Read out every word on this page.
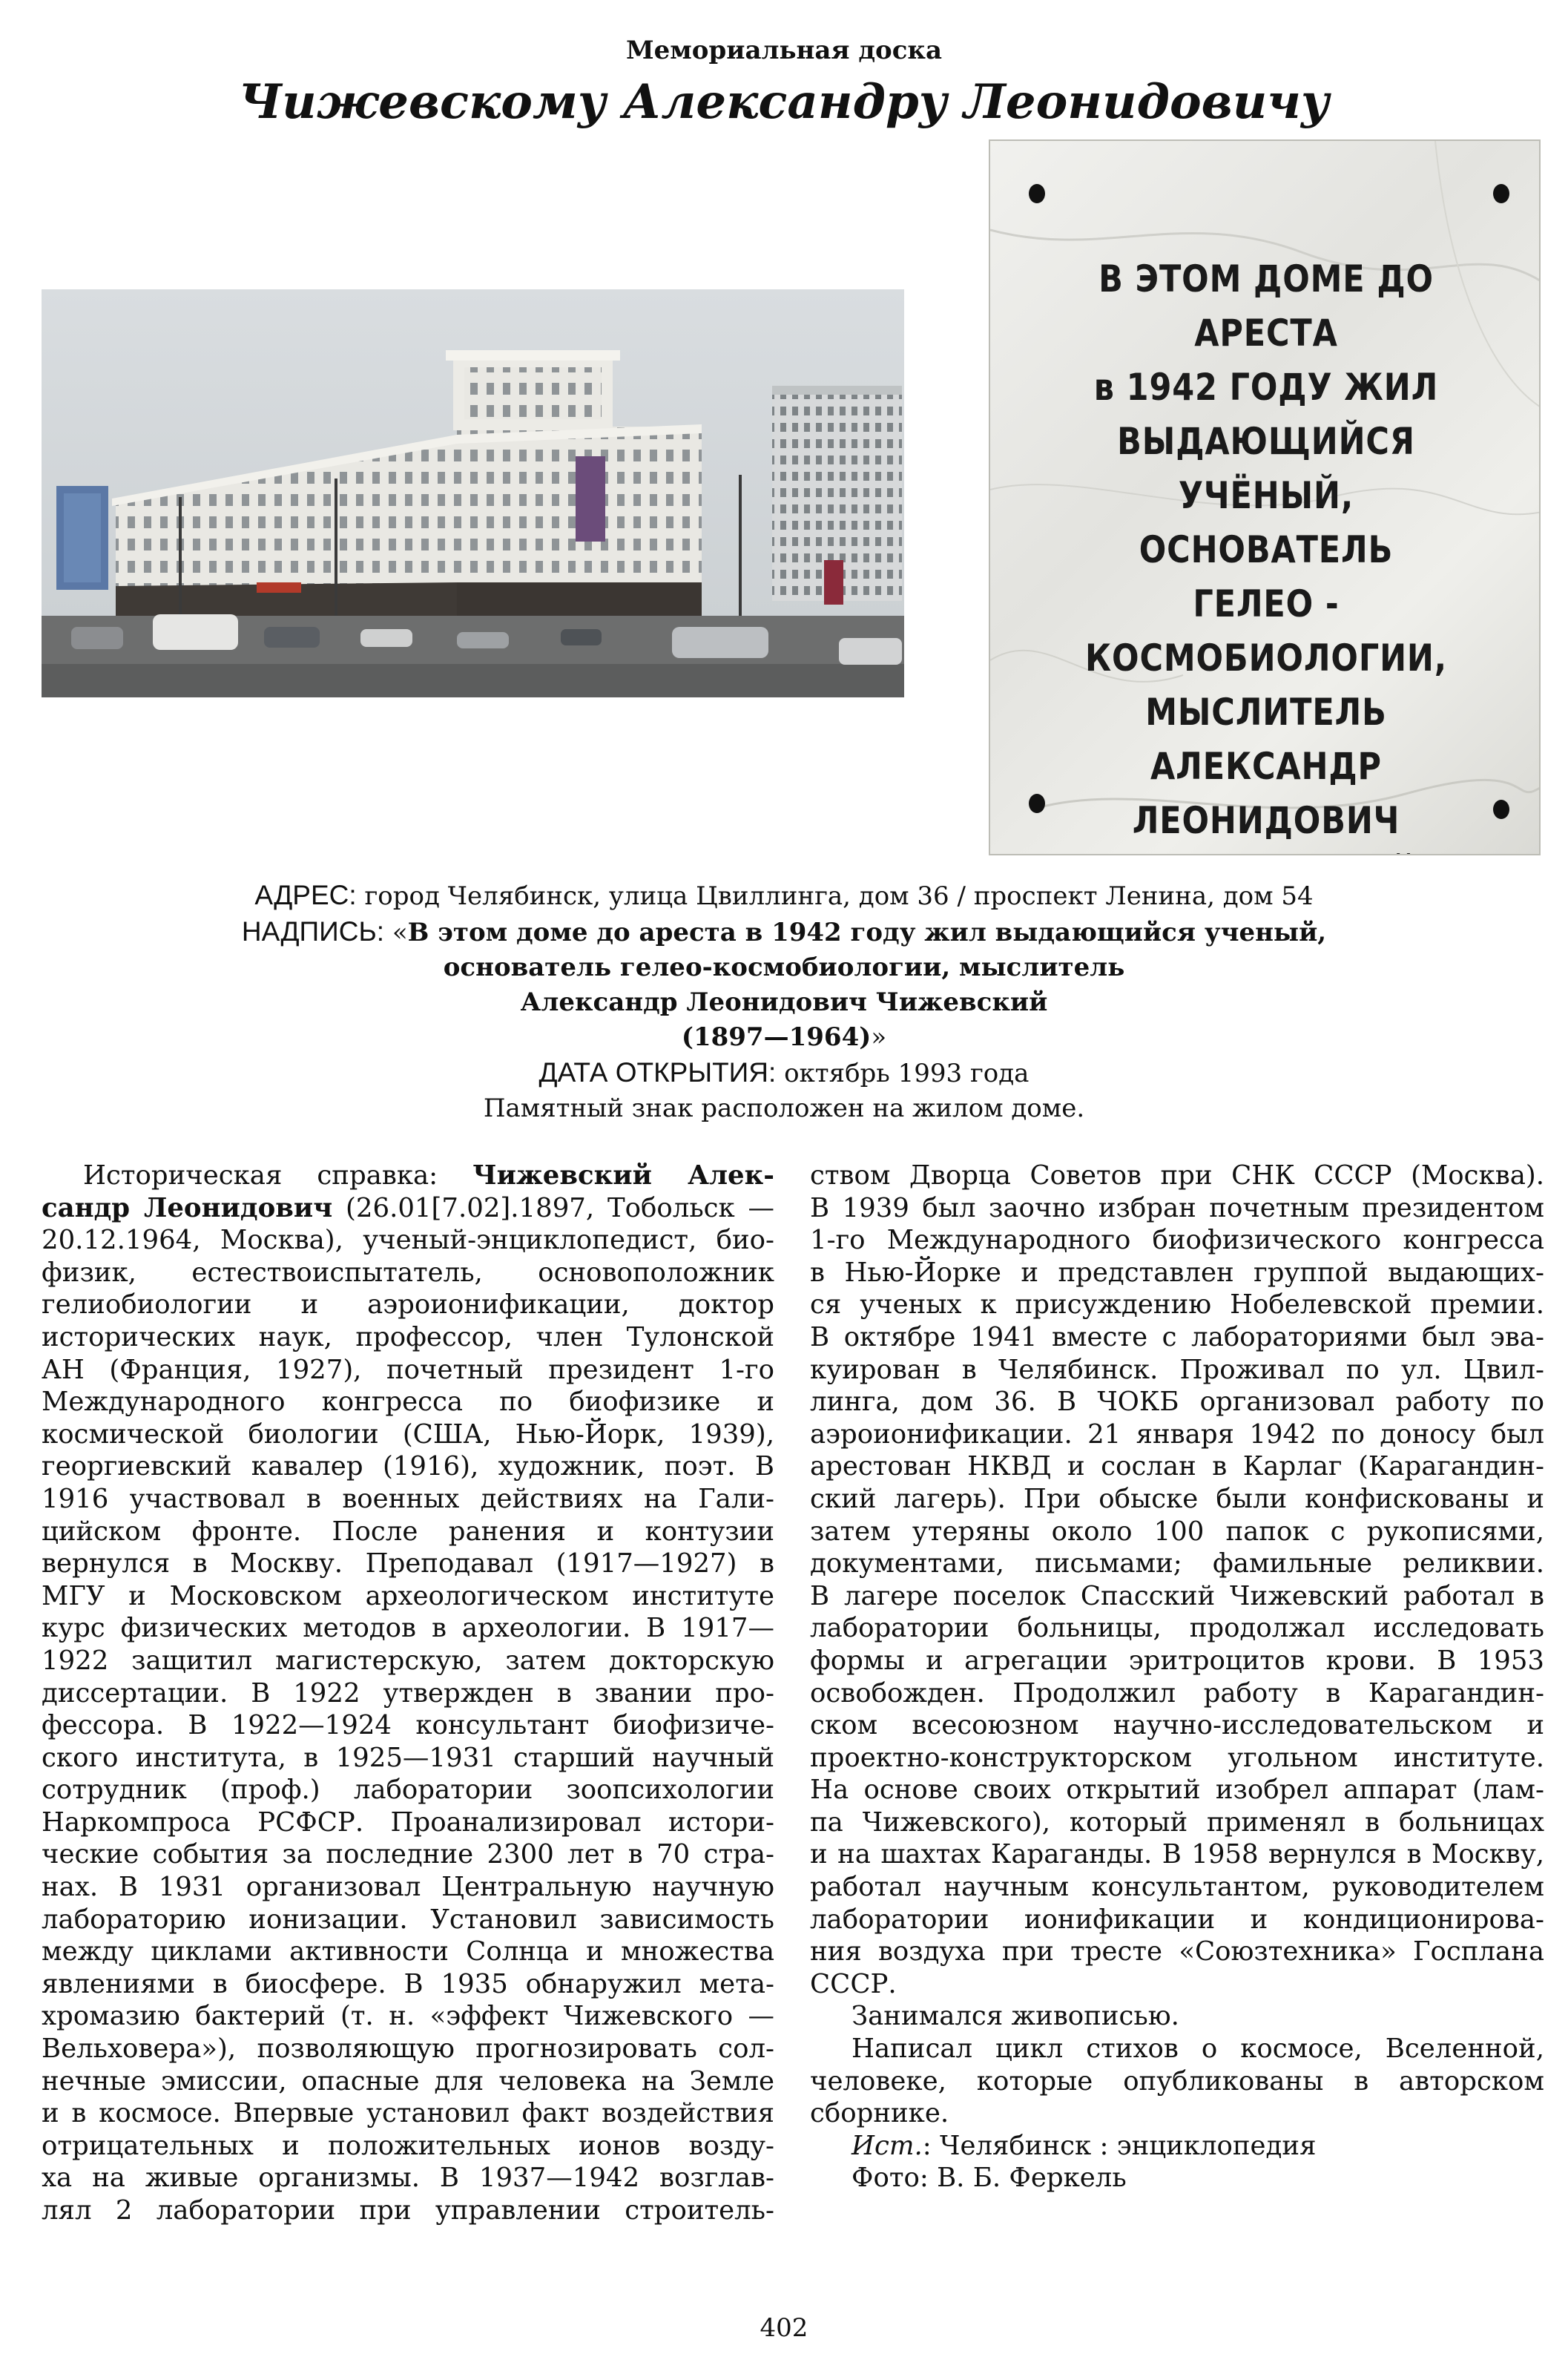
Мемориальная доска
Чижевскому Александру Леонидовичу
В ЭТОМ ДОМЕ ДО АРЕСТА
в 1942 ГОДУ ЖИЛ
ВЫДАЮЩИЙСЯ УЧЁНЫЙ,
ОСНОВАТЕЛЬ
ГЕЛЕО - КОСМОБИОЛОГИИ,
МЫСЛИТЕЛЬ
АЛЕКСАНДР ЛЕОНИДОВИЧ
АДРЕС: город Челябинск, улица Цвиллинга, дом 36 / проспект Ленина, дом 54
НАДПИСЬ: «В этом доме до ареста в 1942 году жил выдающийся ученый,
основатель гелео-космобиологии, мыслитель
Александр Леонидович Чижевский
(1897—1964)»
ДАТА ОТКРЫТИЯ: октябрь 1993 года
Памятный знак расположен на жилом доме.
Историческая справка: Чижевский Алек-
сандр Леонидович (26.01[7.02].1897, Тобольск —
20.12.1964, Москва), ученый-энциклопедист, био-
физик, естествоиспытатель, основоположник
гелиобиологии и аэроионификации, доктор
исторических наук, профессор, член Тулонской
АН (Франция, 1927), почетный президент 1-го
Международного конгресса по биофизике и
космической биологии (США, Нью-Йорк, 1939),
георгиевский кавалер (1916), художник, поэт. В
1916 участвовал в военных действиях на Гали-
цийском фронте. После ранения и контузии
вернулся в Москву. Преподавал (1917—1927) в
МГУ и Московском археологическом институте
курс физических методов в археологии. В 1917—
1922 защитил магистерскую, затем докторскую
диссертации. В 1922 утвержден в звании про-
фессора. В 1922—1924 консультант биофизиче-
ского института, в 1925—1931 старший научный
сотрудник (проф.) лаборатории зоопсихологии
Наркомпроса РСФСР. Проанализировал истори-
ческие события за последние 2300 лет в 70 стра-
нах. В 1931 организовал Центральную научную
лабораторию ионизации. Установил зависимость
между циклами активности Солнца и множества
явлениями в биосфере. В 1935 обнаружил мета-
хромазию бактерий (т. н. «эффект Чижевского —
Вельховера»), позволяющую прогнозировать сол-
нечные эмиссии, опасные для человека на Земле
и в космосе. Впервые установил факт воздействия
отрицательных и положительных ионов возду-
ха на живые организмы. В 1937—1942 возглав-
лял 2 лаборатории при управлении строитель-
ством Дворца Советов при СНК СССР (Москва).
В 1939 был заочно избран почетным президентом
1-го Международного биофизического конгресса
в Нью-Йорке и представлен группой выдающих-
ся ученых к присуждению Нобелевской премии.
В октябре 1941 вместе с лабораториями был эва-
куирован в Челябинск. Проживал по ул. Цвил-
линга, дом 36. В ЧОКБ организовал работу по
аэроионификации. 21 января 1942 по доносу был
арестован НКВД и сослан в Карлаг (Карагандин-
ский лагерь). При обыске были конфискованы и
затем утеряны около 100 папок с рукописями,
документами, письмами; фамильные реликвии.
В лагере поселок Спасский Чижевский работал в
лаборатории больницы, продолжал исследовать
формы и агрегации эритроцитов крови. В 1953
освобожден. Продолжил работу в Карагандин-
ском всесоюзном научно-исследовательском и
проектно-конструкторском угольном институте.
На основе своих открытий изобрел аппарат (лам-
па Чижевского), который применял в больницах
и на шахтах Караганды. В 1958 вернулся в Москву,
работал научным консультантом, руководителем
лаборатории ионификации и кондиционирова-
ния воздуха при тресте «Союзтехника» Госплана
СССР.
Занимался живописью.
Написал цикл стихов о космосе, Вселенной,
человеке, которые опубликованы в авторском
сборнике.
Ист.: Челябинск : энциклопедия
Фото: В. Б. Феркель
402
